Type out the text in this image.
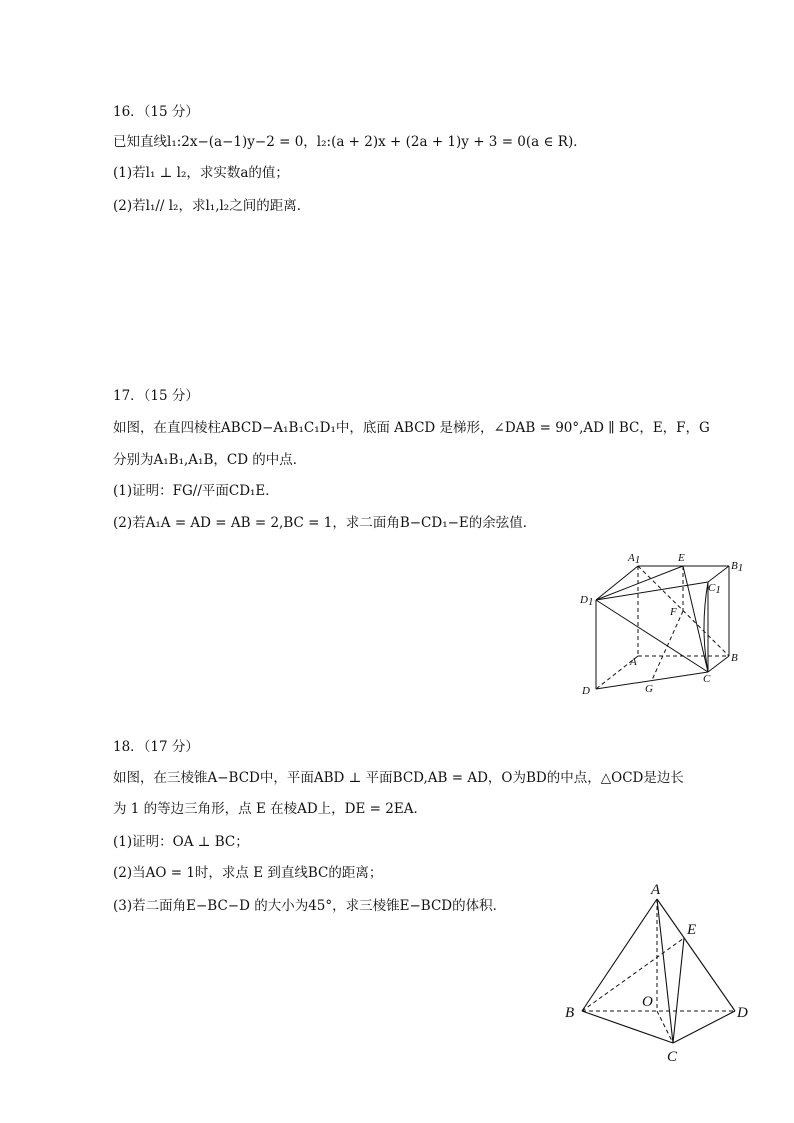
16．（15 分）
已知直线l₁:2x−(a−1)y−2 = 0，l₂:(a + 2)x + (2a + 1)y + 3 = 0(a ∈ R)．
(1)若l₁ ⊥ l₂，求实数a的值；
(2)若l₁// l₂，求l₁,l₂之间的距离．
17．（15 分）
如图，在直四棱柱ABCD−A₁B₁C₁D₁中，底面 ABCD 是梯形，∠DAB = 90°,AD ∥ BC，E，F，G
分别为A₁B₁,A₁B，CD 的中点．
(1)证明：FG//平面CD₁E．
(2)若A₁A = AD = AB = 2,BC = 1，求二面角B−CD₁−E的余弦值．
A1	E
B1
C1
D1
F
A	B
C
D	G
18．（17 分）
如图，在三棱锥A−BCD中，平面ABD ⊥ 平面BCD,AB = AD，O为BD的中点，△OCD是边长
为 1 的等边三角形，点 E 在棱AD上，DE = 2EA．
(1)证明：OA ⊥ BC；
(2)当AO = 1时，求点 E 到直线BC的距离；
(3)若二面角E−BC−D 的大小为45°，求三棱锥E−BCD的体积．
A
E
O
B	D
C
